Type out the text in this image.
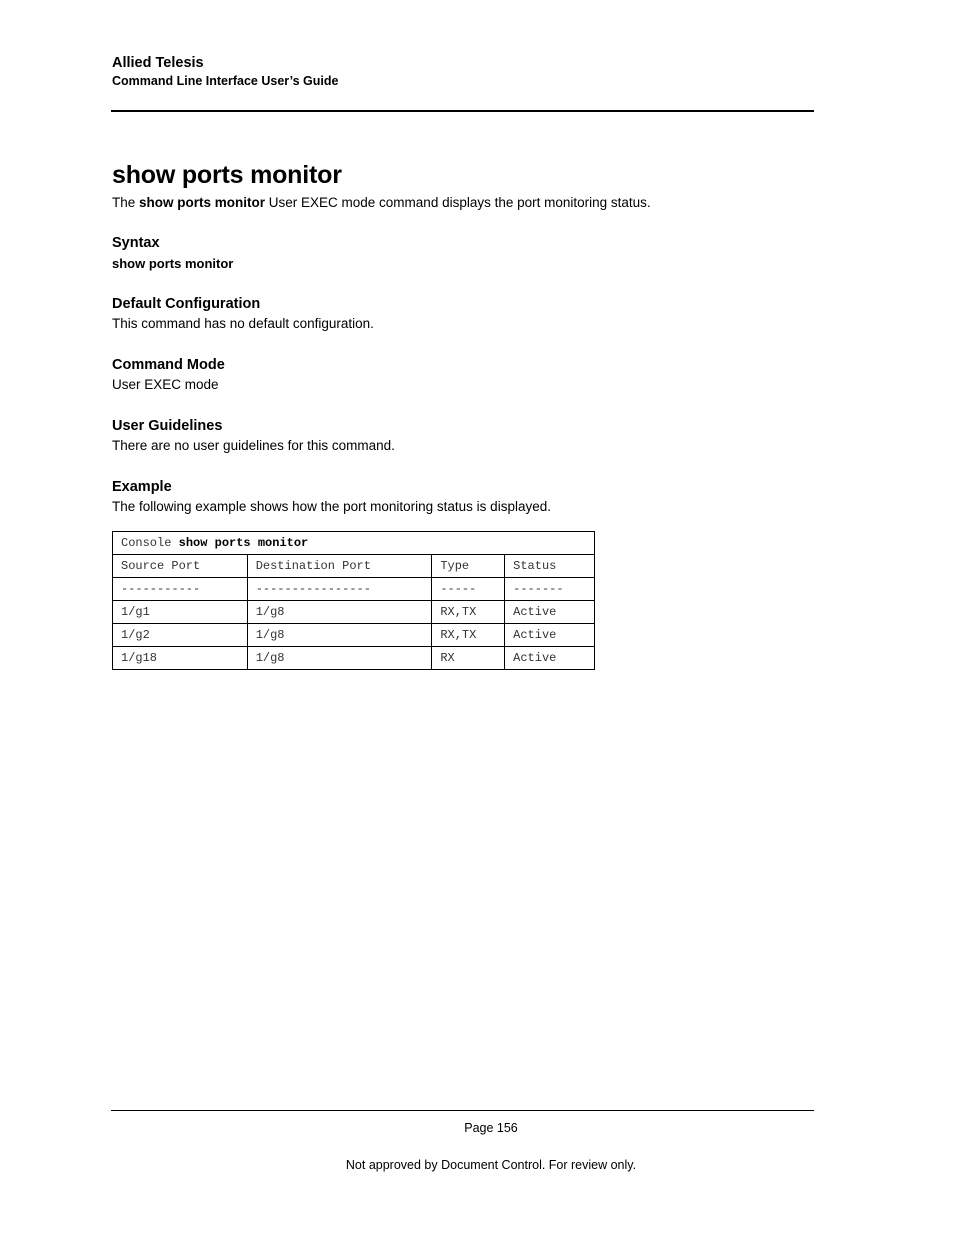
Allied Telesis
Command Line Interface User’s Guide
show ports monitor
The show ports monitor User EXEC mode command displays the port monitoring status.
Syntax
show ports monitor
Default Configuration
This command has no default configuration.
Command Mode
User EXEC mode
User Guidelines
There are no user guidelines for this command.
Example
The following example shows how the port monitoring status is displayed.
Console show ports monitor			
Source Port	Destination Port	Type	Status
-----------	----------------	-----	-------
1/g1	1/g8	RX,TX	Active
1/g2	1/g8	RX,TX	Active
1/g18	1/g8	RX	Active
Page 156
Not approved by Document Control. For review only.
